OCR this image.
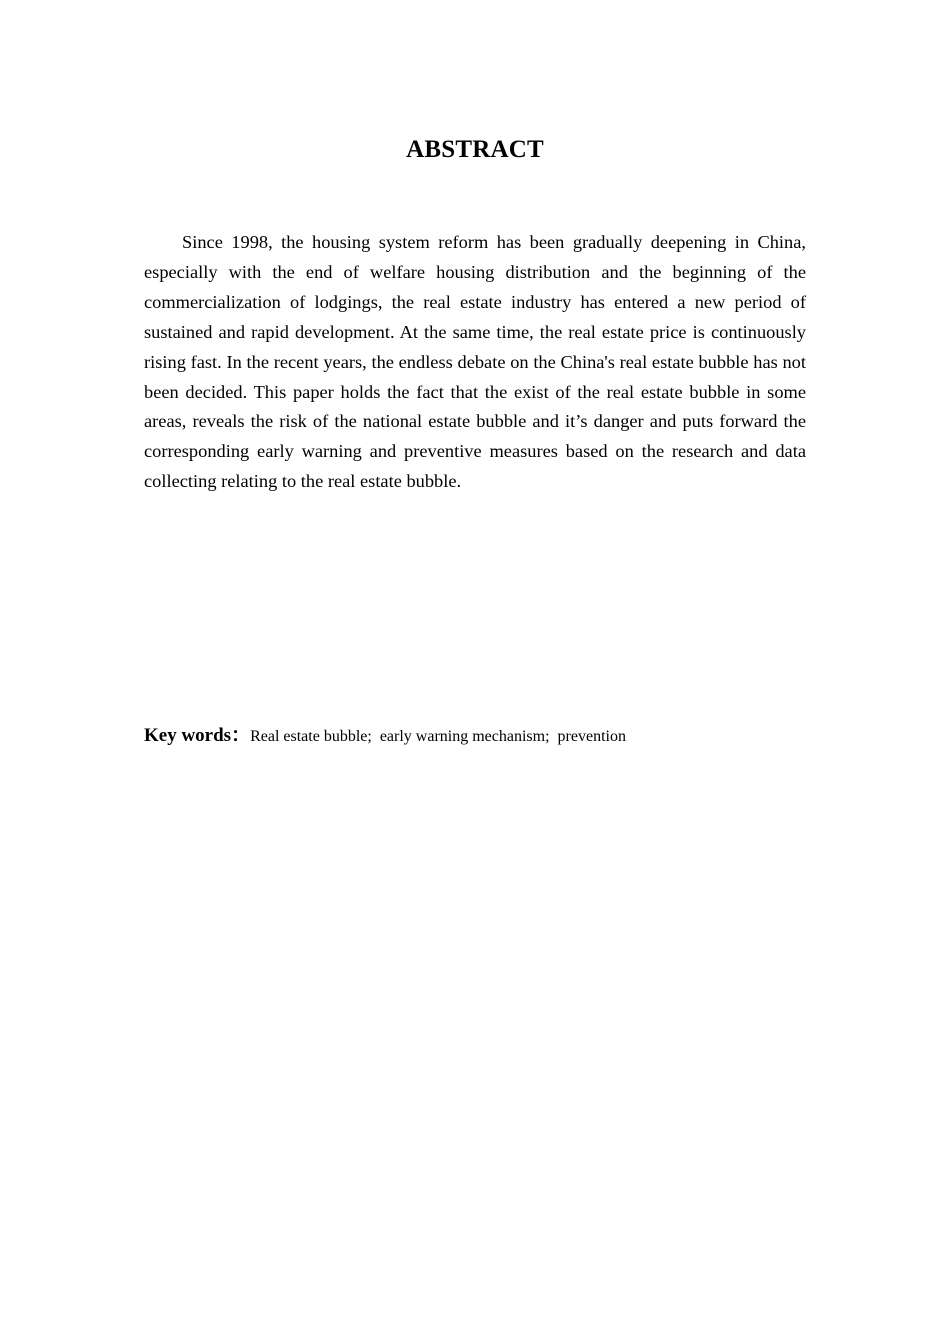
ABSTRACT

Since 1998, the housing system reform has been gradually deepening in China, especially with the end of welfare housing distribution and the beginning of the commercialization of lodgings, the real estate industry has entered a new period of sustained and rapid development. At the same time, the real estate price is continuously rising fast. In the recent years, the endless debate on the China's real estate bubble has not been decided. This paper holds the fact that the exist of the real estate bubble in some areas, reveals the risk of the national estate bubble and it’s danger and puts forward the corresponding early warning and preventive measures based on the research and data collecting relating to the real estate bubble.

Key words：Real estate bubble; early warning mechanism; prevention
